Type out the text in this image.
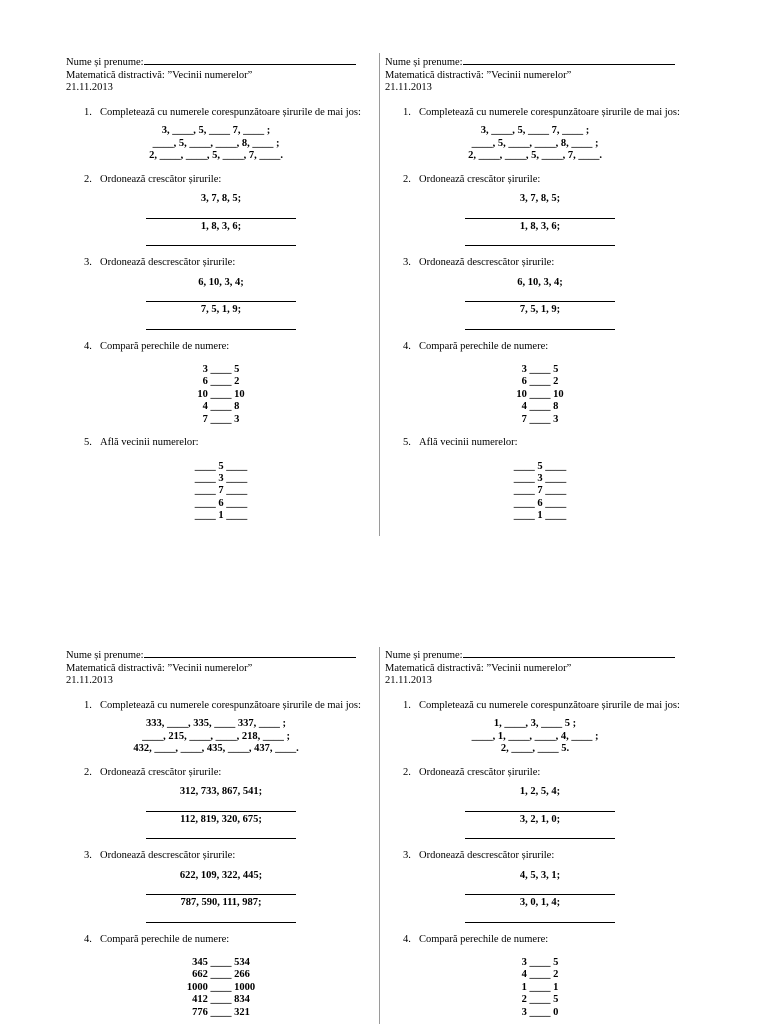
Nume și prenume:
Matematică distractivă: ”Vecinii numerelor”
21.11.2013
1. Completează cu numerele corespunzătoare șirurile de mai jos:
3, ____, 5, ____ 7, ____ ;
____, 5, ____, ____, 8, ____ ;
2, ____, ____, 5, ____, 7, ____.
2. Ordonează crescător șirurile:
3, 7, 8, 5;
1, 8, 3, 6;
3. Ordonează descrescător șirurile:
6, 10, 3, 4;
7, 5, 1, 9;
4. Compară perechile de numere:
3 ____ 5
6 ____ 2
10 ____ 10
4 ____ 8
7 ____ 3
5. Află vecinii numerelor:
____ 5 ____
____ 3 ____
____ 7 ____
____ 6 ____
____ 1 ____
Nume și prenume:
Matematică distractivă: ”Vecinii numerelor”
21.11.2013
1. Completează cu numerele corespunzătoare șirurile de mai jos:
3, ____, 5, ____ 7, ____ ;
____, 5, ____, ____, 8, ____ ;
2, ____, ____, 5, ____, 7, ____.
2. Ordonează crescător șirurile:
3, 7, 8, 5;
1, 8, 3, 6;
3. Ordonează descrescător șirurile:
6, 10, 3, 4;
7, 5, 1, 9;
4. Compară perechile de numere:
3 ____ 5
6 ____ 2
10 ____ 10
4 ____ 8
7 ____ 3
5. Află vecinii numerelor:
____ 5 ____
____ 3 ____
____ 7 ____
____ 6 ____
____ 1 ____
Nume și prenume:
Matematică distractivă: ”Vecinii numerelor”
21.11.2013
1. Completează cu numerele corespunzătoare șirurile de mai jos:
333, ____, 335, ____ 337, ____ ;
____, 215, ____, ____, 218, ____ ;
432, ____, ____, 435, ____, 437, ____.
2. Ordonează crescător șirurile:
312, 733, 867, 541;
112, 819, 320, 675;
3. Ordonează descrescător șirurile:
622, 109, 322, 445;
787, 590, 111, 987;
4. Compară perechile de numere:
345 ____ 534
662 ____ 266
1000 ____ 1000
412 ____ 834
776 ____ 321
Nume și prenume:
Matematică distractivă: ”Vecinii numerelor”
21.11.2013
1. Completează cu numerele corespunzătoare șirurile de mai jos:
1, ____, 3, ____ 5 ;
____, 1, ____, ____, 4, ____ ;
2, ____, ____ 5.
2. Ordonează crescător șirurile:
1, 2, 5, 4;
3, 2, 1, 0;
3. Ordonează descrescător șirurile:
4, 5, 3, 1;
3, 0, 1, 4;
4. Compară perechile de numere:
3 ____ 5
4 ____ 2
1 ____ 1
2 ____ 5
3 ____ 0
